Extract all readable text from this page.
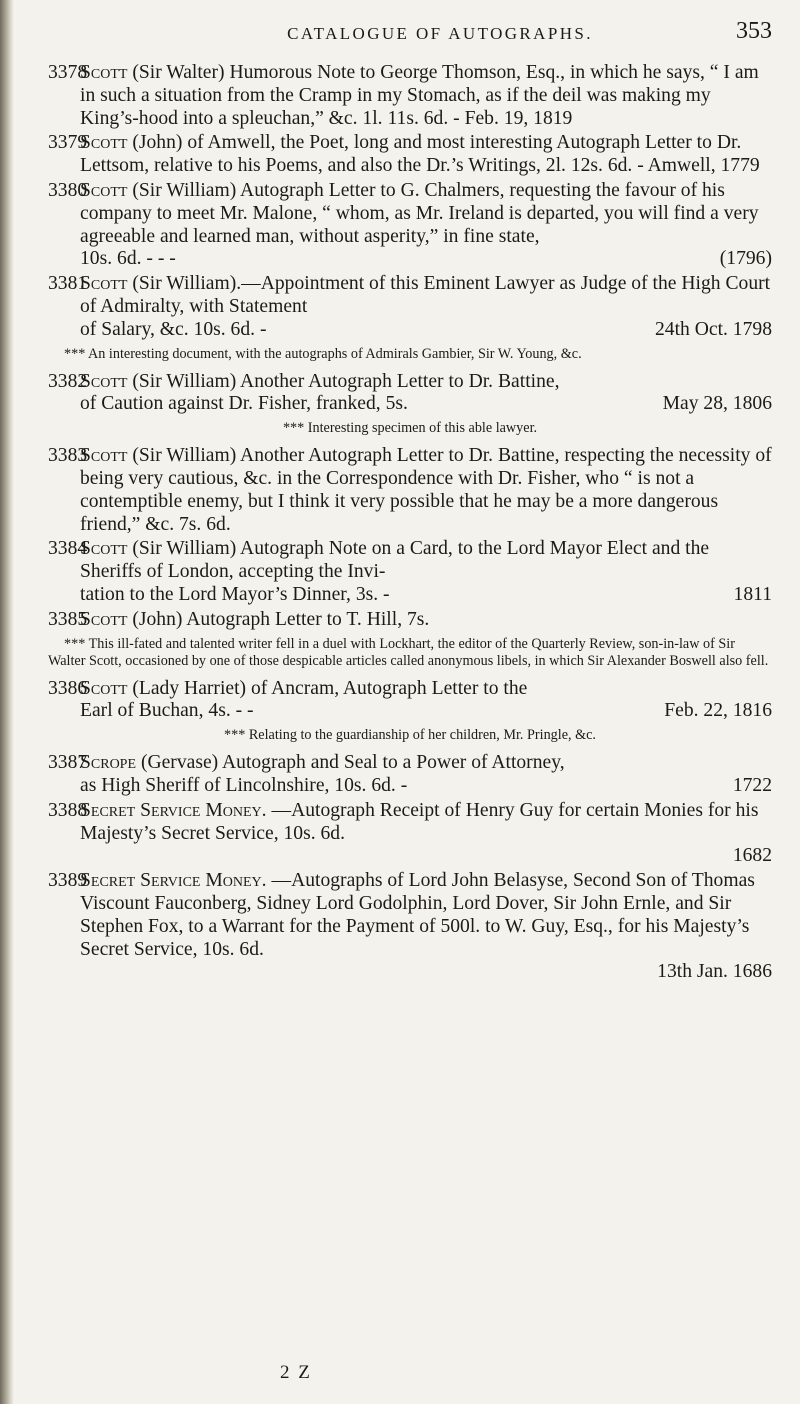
CATALOGUE OF AUTOGRAPHS.	353
3378
Scott (Sir Walter) Humorous Note to George Thomson, Esq., in which he says, “ I am in such a situation from the Cramp in my Stomach, as if the deil was making my King’s-hood into a spleuchan,” &c. 1l. 11s. 6d. - Feb. 19, 1819
3379
Scott (John) of Amwell, the Poet, long and most interesting Autograph Letter to Dr. Lettsom, relative to his Poems, and also the Dr.’s Writings, 2l. 12s. 6d. - Amwell, 1779
3380
Scott (Sir William) Autograph Letter to G. Chalmers, requesting the favour of his company to meet Mr. Malone, “ whom, as Mr. Ireland is departed, you will find a very agreeable and learned man, without asperity,” in fine state,
10s. 6d. - - -	(1796)
3381
Scott (Sir William).—Appointment of this Eminent Lawyer as Judge of the High Court of Admiralty, with Statement
of Salary, &c. 10s. 6d. -	24th Oct. 1798
*** An interesting document, with the autographs of Admirals Gambier, Sir W. Young, &c.
3382
Scott (Sir William) Another Autograph Letter to Dr. Battine,
of Caution against Dr. Fisher, franked, 5s.	May 28, 1806
*** Interesting specimen of this able lawyer.
3383
Scott (Sir William) Another Autograph Letter to Dr. Battine, respecting the necessity of being very cautious, &c. in the Correspondence with Dr. Fisher, who “ is not a contemptible enemy, but I think it very possible that he may be a more dangerous friend,” &c. 7s. 6d.
3384
Scott (Sir William) Autograph Note on a Card, to the Lord Mayor Elect and the Sheriffs of London, accepting the Invi-
tation to the Lord Mayor’s Dinner, 3s. -	1811
3385
Scott (John) Autograph Letter to T. Hill, 7s.
*** This ill-fated and talented writer fell in a duel with Lockhart, the editor of the Quarterly Review, son-in-law of Sir Walter Scott, occasioned by one of those despicable articles called anonymous libels, in which Sir Alexander Boswell also fell.
3386
Scott (Lady Harriet) of Ancram, Autograph Letter to the
Earl of Buchan, 4s. - -	Feb. 22, 1816
*** Relating to the guardianship of her children, Mr. Pringle, &c.
3387
Scrope (Gervase) Autograph and Seal to a Power of Attorney,
as High Sheriff of Lincolnshire, 10s. 6d. -	1722
3388
Secret Service Money. —Autograph Receipt of Henry Guy for certain Monies for his Majesty’s Secret Service, 10s. 6d.
1682
3389
Secret Service Money. —Autographs of Lord John Belasyse, Second Son of Thomas Viscount Fauconberg, Sidney Lord Godolphin, Lord Dover, Sir John Ernle, and Sir Stephen Fox, to a Warrant for the Payment of 500l. to W. Guy, Esq., for his Majesty’s Secret Service, 10s. 6d.
13th Jan. 1686
2 Z
